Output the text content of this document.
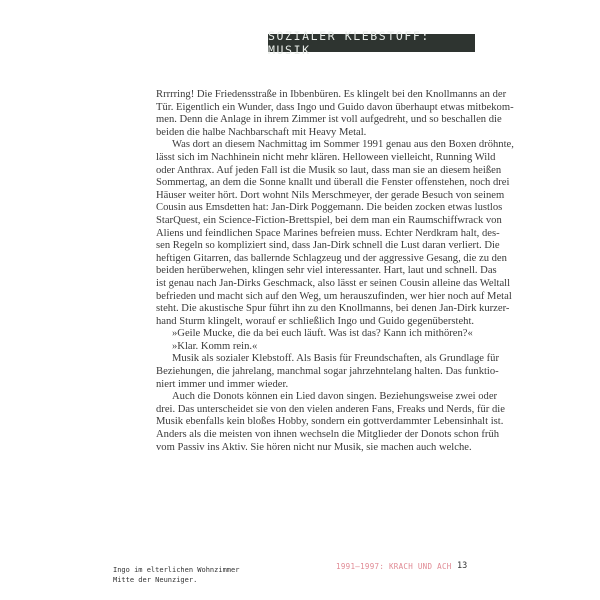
SOZIALER KLEBSTOFF: MUSIK
Rrrrring! Die Friedensstraße in Ibbenbüren. Es klingelt bei den Knollmanns an der
Tür. Eigentlich ein Wunder, dass Ingo und Guido davon überhaupt etwas mitbekom-
men. Denn die Anlage in ihrem Zimmer ist voll aufgedreht, und so beschallen die
beiden die halbe Nachbarschaft mit Heavy Metal.
Was dort an diesem Nachmittag im Sommer 1991 genau aus den Boxen dröhnte,
lässt sich im Nachhinein nicht mehr klären. Helloween vielleicht, Running Wild
oder Anthrax. Auf jeden Fall ist die Musik so laut, dass man sie an diesem heißen
Sommertag, an dem die Sonne knallt und überall die Fenster offenstehen, noch drei
Häuser weiter hört. Dort wohnt Nils Merschmeyer, der gerade Besuch von seinem
Cousin aus Emsdetten hat: Jan-Dirk Poggemann. Die beiden zocken etwas lustlos
StarQuest, ein Science-Fiction-Brettspiel, bei dem man ein Raumschiffwrack von
Aliens und feindlichen Space Marines befreien muss. Echter Nerdkram halt, des-
sen Regeln so kompliziert sind, dass Jan-Dirk schnell die Lust daran verliert. Die
heftigen Gitarren, das ballernde Schlagzeug und der aggressive Gesang, die zu den
beiden herüberwehen, klingen sehr viel interessanter. Hart, laut und schnell. Das
ist genau nach Jan-Dirks Geschmack, also lässt er seinen Cousin alleine das Weltall
befrieden und macht sich auf den Weg, um herauszufinden, wer hier noch auf Metal
steht. Die akustische Spur führt ihn zu den Knollmanns, bei denen Jan-Dirk kurzer-
hand Sturm klingelt, worauf er schließlich Ingo und Guido gegenübersteht.
»Geile Mucke, die da bei euch läuft. Was ist das? Kann ich mithören?«
»Klar. Komm rein.«
Musik als sozialer Klebstoff. Als Basis für Freundschaften, als Grundlage für
Beziehungen, die jahrelang, manchmal sogar jahrzehntelang halten. Das funktio-
niert immer und immer wieder.
Auch die Donots können ein Lied davon singen. Beziehungsweise zwei oder
drei. Das unterscheidet sie von den vielen anderen Fans, Freaks und Nerds, für die
Musik ebenfalls kein bloßes Hobby, sondern ein gottverdammter Lebensinhalt ist.
Anders als die meisten von ihnen wechseln die Mitglieder der Donots schon früh
vom Passiv ins Aktiv. Sie hören nicht nur Musik, sie machen auch welche.
Ingo im elterlichen Wohnzimmer
Mitte der Neunziger.
1991–1997: KRACH UND ACH 13
